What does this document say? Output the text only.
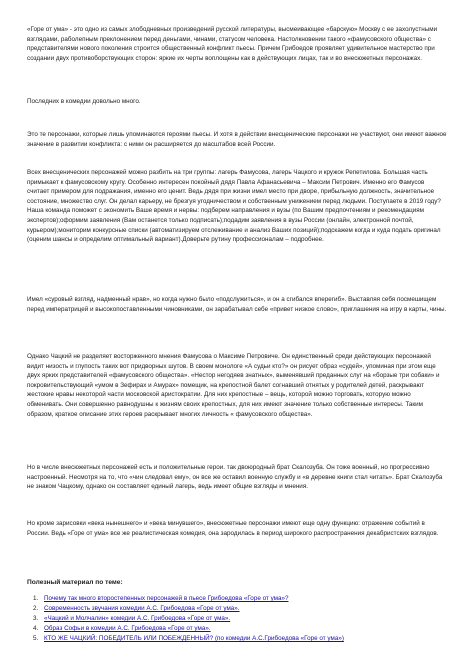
«Горе от ума» - это одно из самых злободневных произведений русской литературы, высмеивающее «барскую» Москву с ее захолустными взглядами, раболепным преклонением перед деньгами, чинами, статусом человека. Настолкновении такого «фамусовского общества» с представителями нового поколения строится общественный конфликт пьесы. Причем Грибоедов проявляет удивительное мастерство при создании двух противоборствующих сторон: яркие их черты воплощены как в действующих лицах, так и во внесюжетных персонажах.

Последних в комедии довольно много.

Это те персонажи, которые лишь упоминаются героями пьесы. И хотя в действии внесценические персонажи не участвуют, они имеют важное значение в развитии конфликта: с ними он расширяется до масштабов всей России.

Всех внесценических персонажей можно разбить на три группы: лагерь Фамусова, лагерь Чацкого и кружок Репетилова. Большая часть примыкает к фамусовскому кругу. Особенно интересен покойный дядя Павла Афанасьевича – Максим Петрович. Именно его Фамусов считает примером для подражания, именно его ценит. Ведь дядя при жизни имел место при дворе, прибыльную должность, значительное состояние, множество слуг. Он делал карьеру, не брезгуя угодничеством и собственным унижением перед людьми. Поступаете в 2019 году? Наша команда поможет с экономить Ваше время и нервы: подберем направления и вузы (по Вашим предпочтениям и рекомендациям экспертов);оформим заявления (Вам останется только подписать);подадим заявления в вузы России (онлайн, электронной почтой, курьером);мониторим конкурсные списки (автоматизируем отслеживание и анализ Ваших позиций);подскажем когда и куда подать оригинал (оценим шансы и определим оптимальный вариант).Доверьте рутину профессионалам – подробнее.

Имел «суровый взгляд, надменный нрав», но когда нужно было «подслужиться», и он а сгибался вперегиб». Выставляя себя посмешищем перед императрицей и высокопоставленными чиновниками, он зарабатывал себе «привет низкое слово», приглашения на игру в карты, чины.

Однако Чацкий не разделяет восторженного мнения Фамусова о Максиме Петровиче. Он единственный среди действующих персонажей видит низость и глупость таких вот придворных шутов. В своем монологе «А судьи кто?» он рисует образ «судей», упоминая при этом еще двух ярких представителей «фамусовского общества». «Нестор негодяев знатных», выменявший преданных слуг на «борзые три собаки» и покровительствующий «умом в Зефирах и Амурах» помещик, на крепостной балет согнавший отнятых у родителей детей, раскрывают жестокие нравы некоторой части московской аристократии. Для них крепостные – вещь, которой можно торговать, которую можно обменивать. Они совершенно равнодушны к жизням своих крепостных, для них имеют значение только собственные интересы. Таким образом, краткое описание этих героев раскрывает многих личность « фамусовского общества».

Но в числе внесюжетных персонажей есть и положительные герои. так двоюродный брат Скалозуба. Он тоже военный, но прогрессивно настроенный. Несмотря на то, что «чин следовал ему», он все же оставил военную службу и «в деревне книги стал читать». Брат Скалозуба не знаком Чацкому, однако он составляет единый лагерь, ведь имеет общие взгляды и мнения.

Но кроме зарисовки «века нынешнего» и «века минувшего», внесюжетные персонажи имеют еще одну функцию: отражение событий в России. Ведь «Горе от ума» все же реалистическая комедия, она зародилась в период широкого распространения декабристских взглядов.

Полезный материал по теме:
1. Почему так много второстепенных персонажей в пьесе Грибоедова «Горе от ума»?
2. Современность звучания комедии А.С. Грибоедова «Горе от ума».
3. «Чацкий и Молчалин» комедии А.С. Грибоедова «Горе от ума».
4. Образ Софьи в комедии А.С. Грибоедова «Горе от ума».
5. КТО ЖЕ ЧАЦКИЙ: ПОБЕДИТЕЛЬ ИЛИ ПОБЕЖДЕННЫЙ? (по комедии А.С.Грибоедова «Горе от ума»)
